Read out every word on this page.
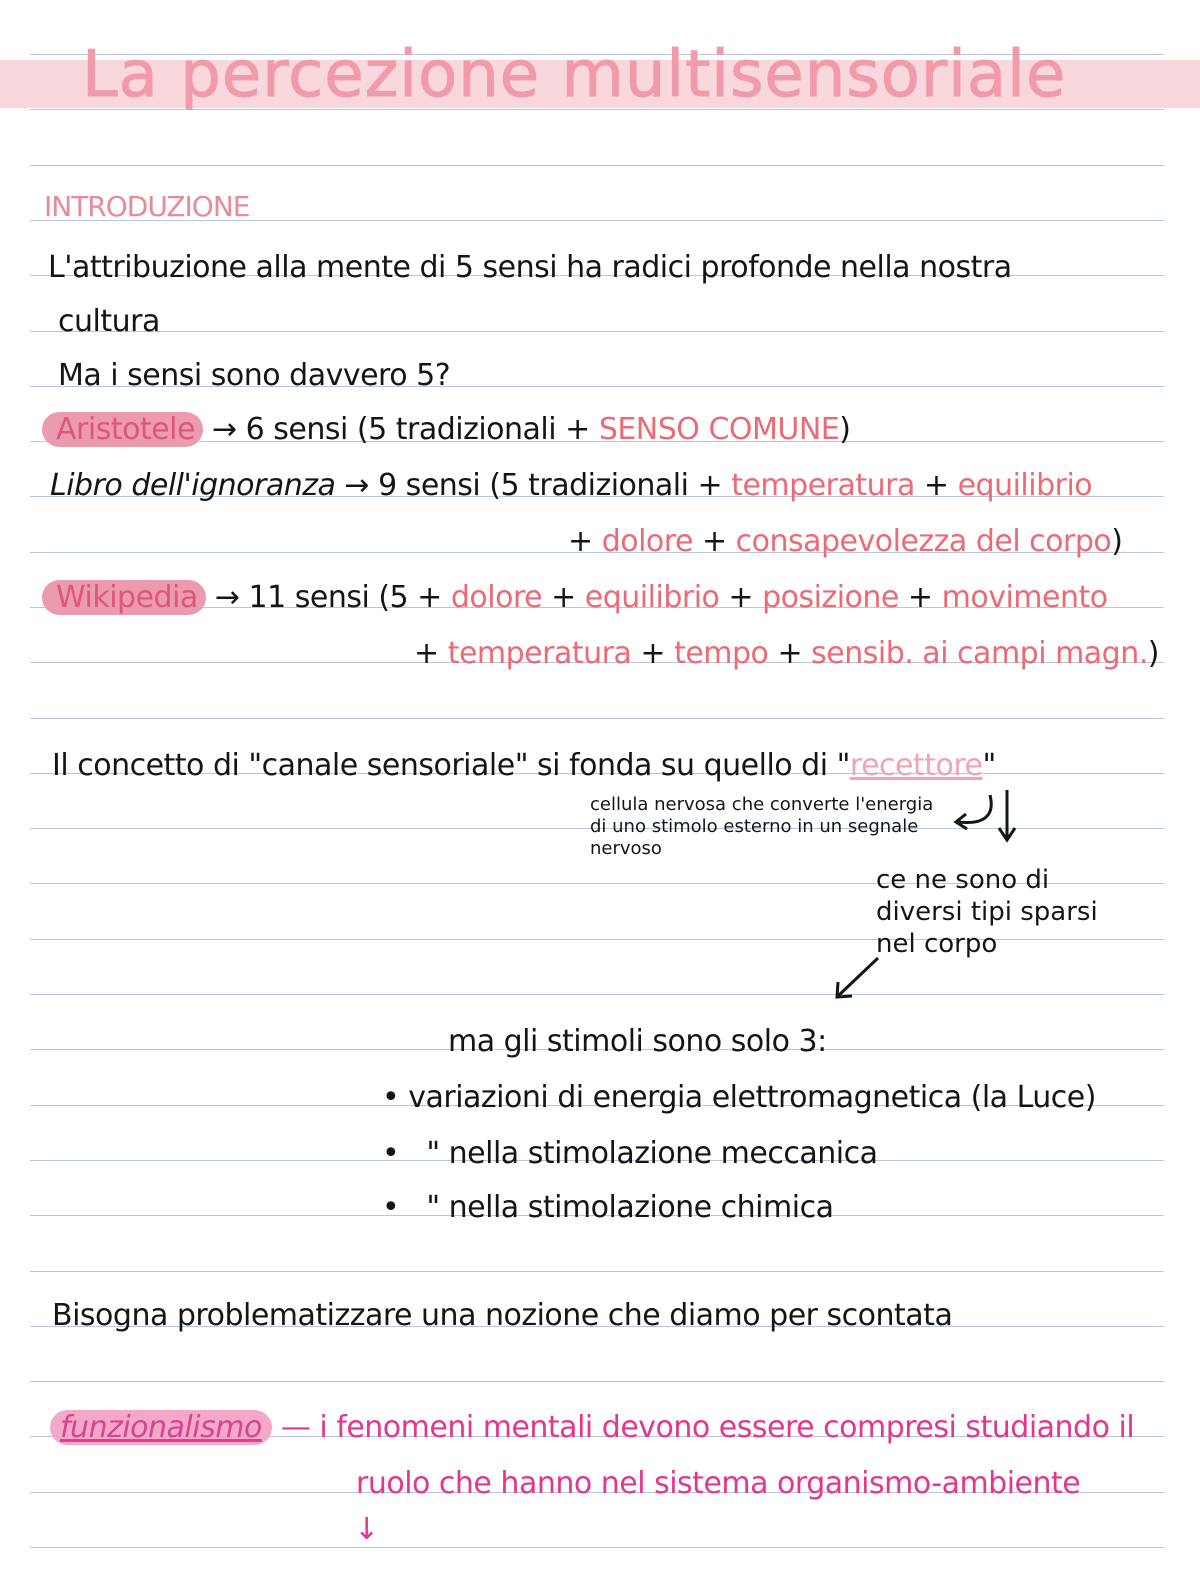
La percezione multisensoriale
INTRODUZIONE
L'attribuzione alla mente di 5 sensi ha radici profonde nella nostra
cultura
Ma i sensi sono davvero 5?
Aristotele → 6 sensi (5 tradizionali + SENSO COMUNE)
Libro dell'ignoranza → 9 sensi (5 tradizionali + temperatura + equilibrio
+ dolore + consapevolezza del corpo)
Wikipedia → 11 sensi (5 + dolore + equilibrio + posizione + movimento
+ temperatura + tempo + sensib. ai campi magn.)
Il concetto di "canale sensoriale" si fonda su quello di "recettore"
cellula nervosa che converte l'energia di uno stimolo esterno in un segnale nervoso
ce ne sono di diversi tipi sparsi nel corpo
ma gli stimoli sono solo 3:
• variazioni di energia elettromagnetica (la Luce)
•   " nella stimolazione meccanica
•   " nella stimolazione chimica
Bisogna problematizzare una nozione che diamo per scontata
funzionalismo — i fenomeni mentali devono essere compresi studiando il
ruolo che hanno nel sistema organismo-ambiente
↓
